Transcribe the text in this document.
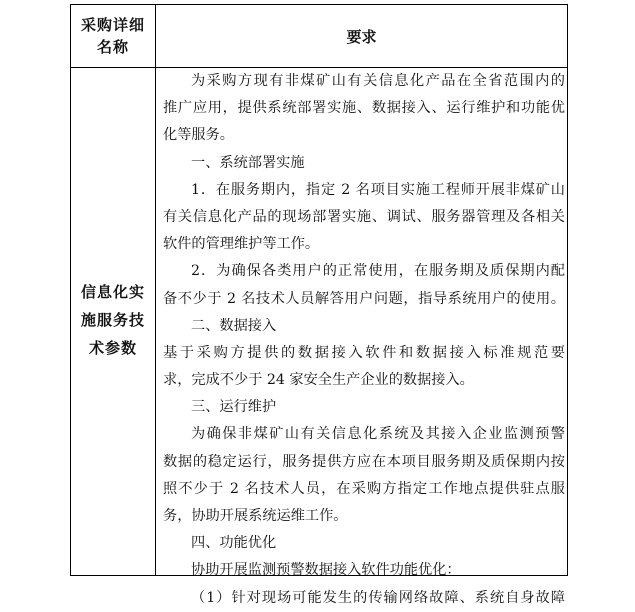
采购详细
名称
要求
信息化实
施服务技
术参数
为采购方现有非煤矿山有关信息化产品在全省范围内的
推广应用，提供系统部署实施、数据接入、运行维护和功能优
化等服务。
一、系统部署实施
1．在服务期内，指定 2 名项目实施工程师开展非煤矿山
有关信息化产品的现场部署实施、调试、服务器管理及各相关
软件的管理维护等工作。
2．为确保各类用户的正常使用，在服务期及质保期内配
备不少于 2 名技术人员解答用户问题，指导系统用户的使用。
二、数据接入
基于采购方提供的数据接入软件和数据接入标准规范要
求，完成不少于 24 家安全生产企业的数据接入。
三、运行维护
为确保非煤矿山有关信息化系统及其接入企业监测预警
数据的稳定运行，服务提供方应在本项目服务期及质保期内按
照不少于 2 名技术人员，在采购方指定工作地点提供驻点服
务，协助开展系统运维工作。
四、功能优化
协助开展监测预警数据接入软件功能优化：
（1）针对现场可能发生的传输网络故障、系统自身故障
